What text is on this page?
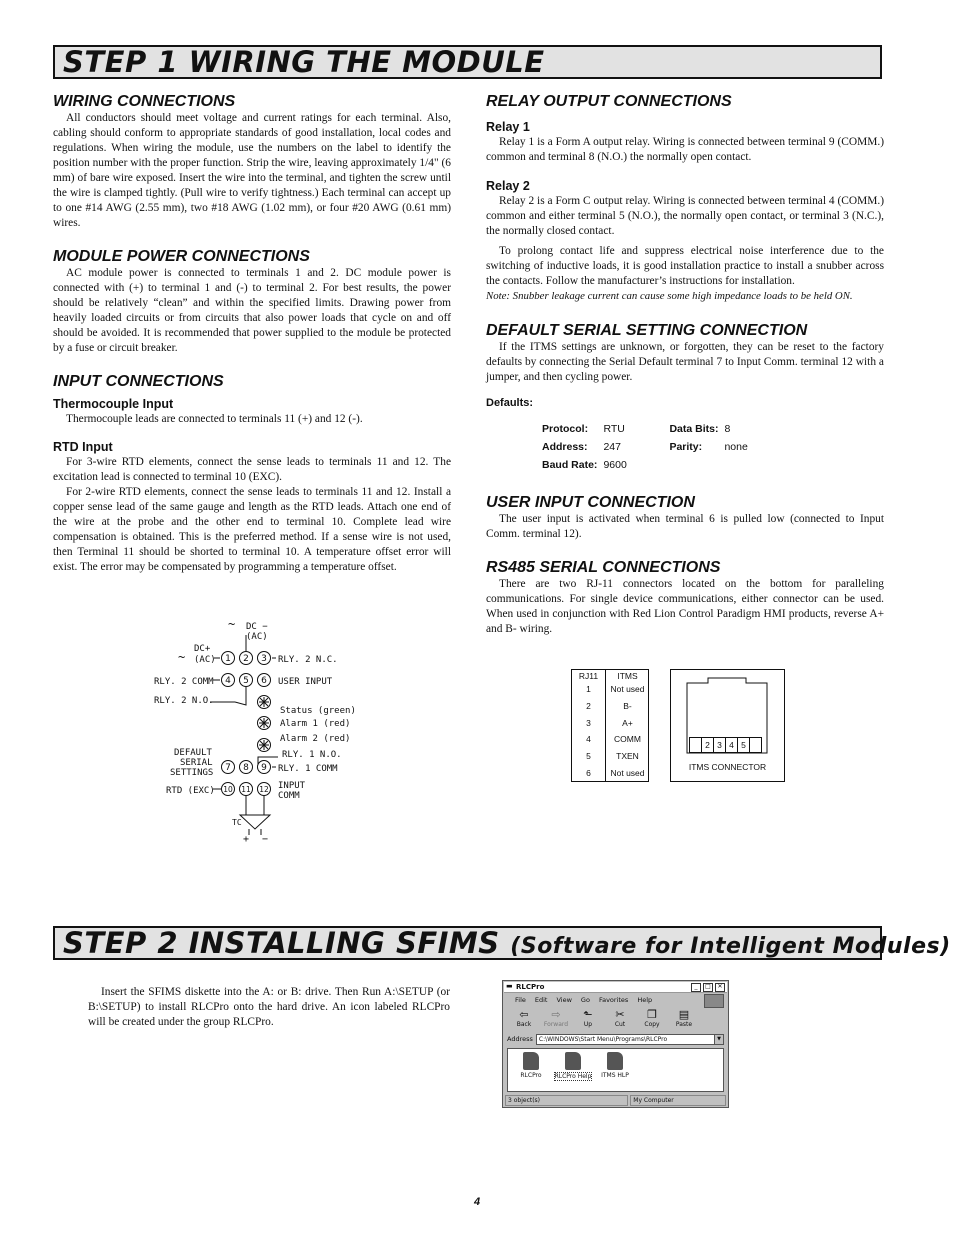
STEP 1 WIRING THE MODULE
WIRING CONNECTIONS

All conductors should meet voltage and current ratings for each terminal. Also, cabling should conform to appropriate standards of good installation, local codes and regulations. When wiring the module, use the numbers on the label to identify the position number with the proper function. Strip the wire, leaving approximately 1/4" (6 mm) of bare wire exposed. Insert the wire into the terminal, and tighten the screw until the wire is clamped tightly. (Pull wire to verify tightness.) Each terminal can accept up to one #14 AWG (2.55 mm), two #18 AWG (1.02 mm), or four #20 AWG (0.61 mm) wires.

MODULE POWER CONNECTIONS

AC module power is connected to terminals 1 and 2. DC module power is connected with (+) to terminal 1 and (-) to terminal 2. For best results, the power should be relatively “clean” and within the specified limits. Drawing power from heavily loaded circuits or from circuits that also power loads that cycle on and off should be avoided. It is recommended that power supplied to the module be protected by a fuse or circuit breaker.

INPUT CONNECTIONS
Thermocouple Input

Thermocouple leads are connected to terminals 11 (+) and 12 (-).

RTD Input

For 3-wire RTD elements, connect the sense leads to terminals 11 and 12. The excitation lead is connected to terminal 10 (EXC).

For 2-wire RTD elements, connect the sense leads to terminals 11 and 12. Install a copper sense lead of the same gauge and length as the RTD leads. Attach one end of the wire at the probe and the other end to terminal 10. Complete lead wire compensation is obtained. This is the preferred method. If a sense wire is not used, then Terminal 11 should be shorted to terminal 10. A temperature offset error will exist. The error may be compensated by programming a temperature offset.

RELAY OUTPUT CONNECTIONS
Relay 1

Relay 1 is a Form A output relay. Wiring is connected between terminal 9 (COMM.) common and terminal 8 (N.O.) the normally open contact.

Relay 2

Relay 2 is a Form C output relay. Wiring is connected between terminal 4 (COMM.) common and either terminal 5 (N.O.), the normally open contact, or terminal 3 (N.C.), the normally closed contact.

To prolong contact life and suppress electrical noise interference due to the switching of inductive loads, it is good installation practice to install a snubber across the contacts. Follow the manufacturer’s instructions for installation.

Note: Snubber leakage current can cause some high impedance loads to be held ON.

DEFAULT SERIAL SETTING CONNECTION

If the ITMS settings are unknown, or forgotten, they can be reset to the factory defaults by connecting the Serial Default terminal 7 to Input Comm. terminal 12 with a jumper, and then cycling power.

Defaults:
Protocol:	RTU	Data Bits:	8
Address:	247	Parity:	none
Baud Rate:	9600		
USER INPUT CONNECTION

The user input is activated when terminal 6 is pulled low (connected to Input Comm. terminal 12).

RS485 SERIAL CONNECTIONS

There are two RJ-11 connectors located on the bottom for paralleling communications. For single device communications, either connector can be used. When used in conjunction with Red Lion Control Paradigm HMI products, reverse A+ and B- wiring.

~ DC −
(AC)
~
DC+
(AC)	RLY. 2 N.C.
RLY. 2 COMM	USER INPUT
RLY. 2 N.O.
Status (green)
Alarm 1 (red)
Alarm 2 (red)
RLY. 1 N.O.
RLY. 1 COMM
DEFAULT
SERIAL
SETTINGS
RTD (EXC)	INPUT
COMM
TC
+ −
1 2 3
4 5 6
7 8 9
10 11 12
RJ11	ITMS
1	Not used
2	B-
3	A+
4	COMM
5	TXEN
6	Not used
2 3 4 5
ITMS CONNECTOR
STEP 2 INSTALLING SFIMS (Software for Intelligent Modules)

Insert the SFIMS diskette into the A: or B: drive. Then Run A:\SETUP (or B:\SETUP) to install RLCPro onto the hard drive. An icon labeled RLCPro will be created under the group RLCPro.

▬ RLCPro	_	□	✕
File Edit View Go Favorites Help
⇦
Back
⇨
Forward
⬑
Up
✂
Cut
❐
Copy
▤
Paste
Address	C:\WINDOWS\Start Menu\Programs\RLCPro	▼
RLCPro RLCPro Help ITMS HLP
3 object(s)	My Computer
4
